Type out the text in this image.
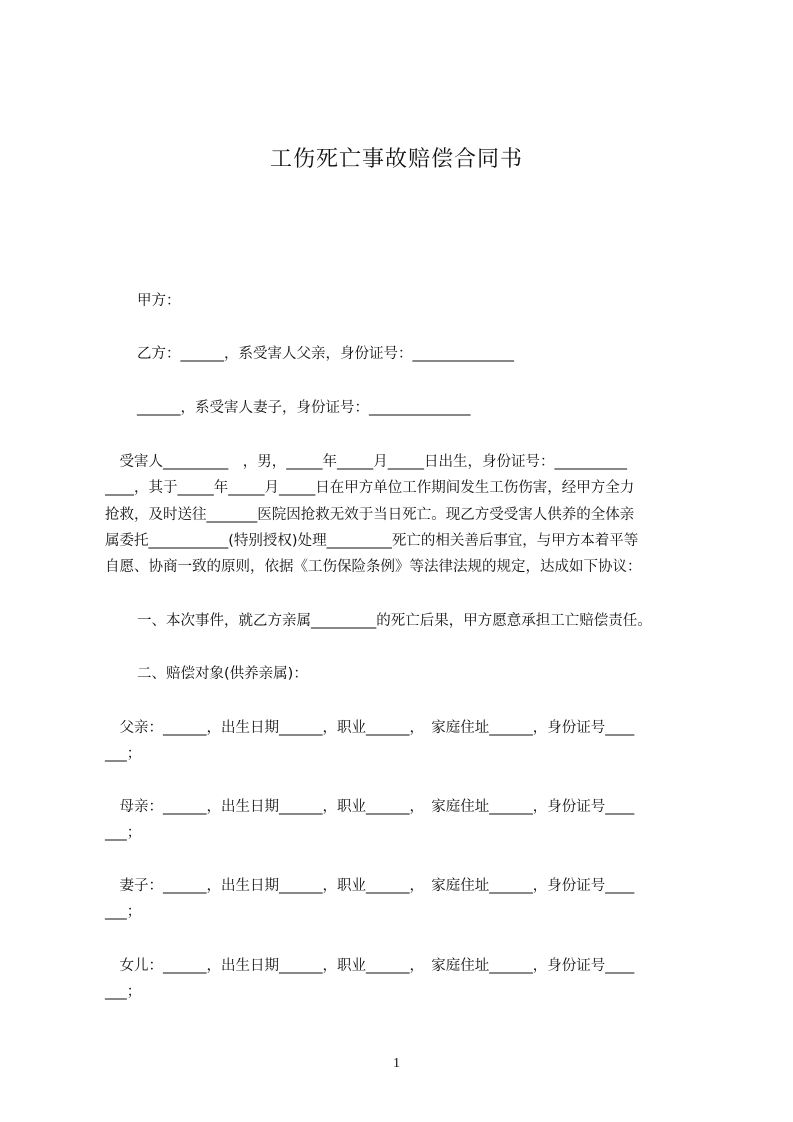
工伤死亡事故赔偿合同书
甲方：
乙方：______，系受害人父亲，身份证号：______________
______，系受害人妻子，身份证号：______________
　受害人_________　，男，_____年_____月_____日出生，身份证号：__________
____，其于_____年_____月_____日在甲方单位工作期间发生工伤伤害，经甲方全力
抢救，及时送往_______医院因抢救无效于当日死亡。现乙方受受害人供养的全体亲
属委托___________(特别授权)处理_________死亡的相关善后事宜，与甲方本着平等
自愿、协商一致的原则，依据《工伤保险条例》等法律法规的规定，达成如下协议：
一、本次事件，就乙方亲属_________的死亡后果，甲方愿意承担工亡赔偿责任。
二、赔偿对象(供养亲属)：
　父亲：______，出生日期______，职业______，　家庭住址______，身份证号____
___；
　母亲：______，出生日期______，职业______，　家庭住址______，身份证号____
___；
　妻子：______，出生日期______，职业______，　家庭住址______，身份证号____
___；
　女儿：______，出生日期______，职业______，　家庭住址______，身份证号____
___；
1
